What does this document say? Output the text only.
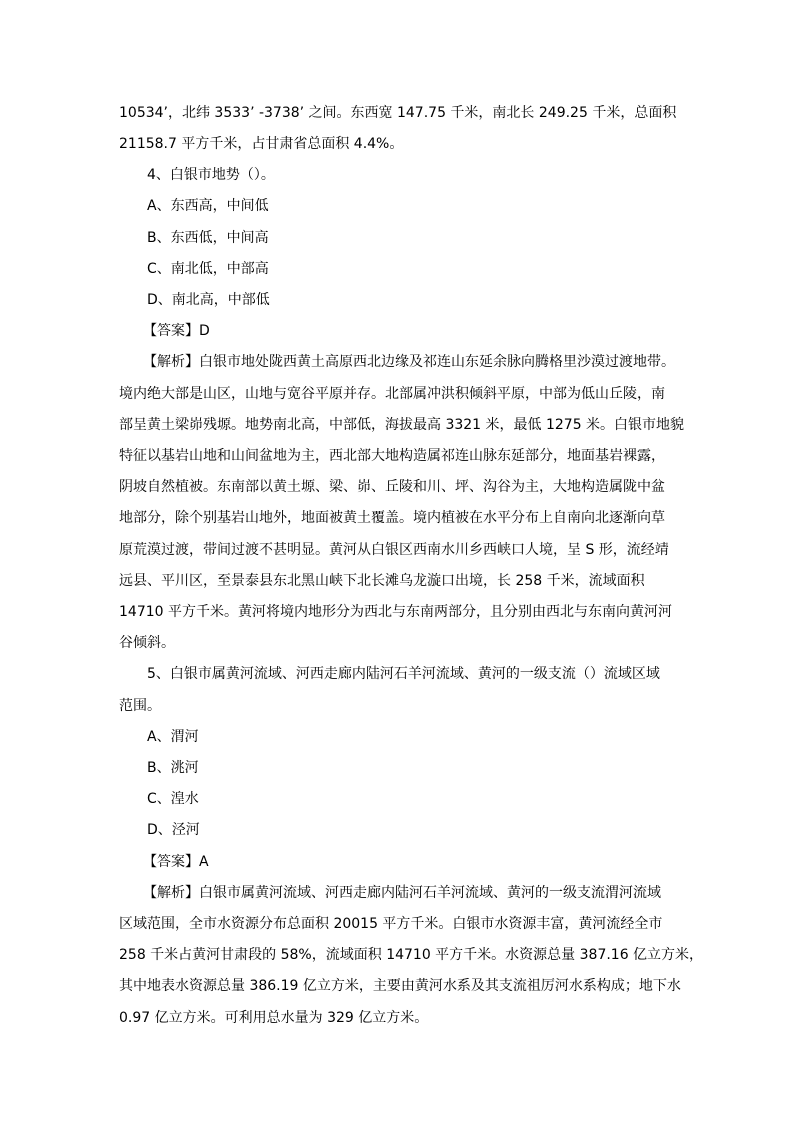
10534’，北纬 3533’ -3738’ 之间。东西宽 147.75 千米，南北长 249.25 千米，总面积
21158.7 平方千米，占甘肃省总面积 4.4%。
4、白银市地势（）。
A、东西高，中间低
B、东西低，中间高
C、南北低，中部高
D、南北高，中部低
【答案】D
【解析】白银市地处陇西黄土高原西北边缘及祁连山东延余脉向腾格里沙漠过渡地带。
境内绝大部是山区，山地与宽谷平原并存。北部属冲洪积倾斜平原，中部为低山丘陵，南
部呈黄土梁峁残塬。地势南北高，中部低，海拔最高 3321 米，最低 1275 米。白银市地貌
特征以基岩山地和山间盆地为主，西北部大地构造属祁连山脉东延部分，地面基岩裸露，
阴坡自然植被。东南部以黄土塬、梁、峁、丘陵和川、坪、沟谷为主，大地构造属陇中盆
地部分，除个别基岩山地外，地面被黄土覆盖。境内植被在水平分布上自南向北逐渐向草
原荒漠过渡，带间过渡不甚明显。黄河从白银区西南水川乡西峡口人境，呈 S 形，流经靖
远县、平川区，至景泰县东北黑山峡下北长滩乌龙漩口出境，长 258 千米，流域面积
14710 平方千米。黄河将境内地形分为西北与东南两部分，且分别由西北与东南向黄河河
谷倾斜。
5、白银市属黄河流域、河西走廊内陆河石羊河流域、黄河的一级支流（）流域区域
范围。
A、渭河
B、洮河
C、湟水
D、泾河
【答案】A
【解析】白银市属黄河流域、河西走廊内陆河石羊河流域、黄河的一级支流渭河流域
区域范围，全市水资源分布总面积 20015 平方千米。白银市水资源丰富，黄河流经全市
258 千米占黄河甘肃段的 58%，流域面积 14710 平方千米。水资源总量 387.16 亿立方米，
其中地表水资源总量 386.19 亿立方米，主要由黄河水系及其支流祖厉河水系构成；地下水
0.97 亿立方米。可利用总水量为 329 亿立方米。
